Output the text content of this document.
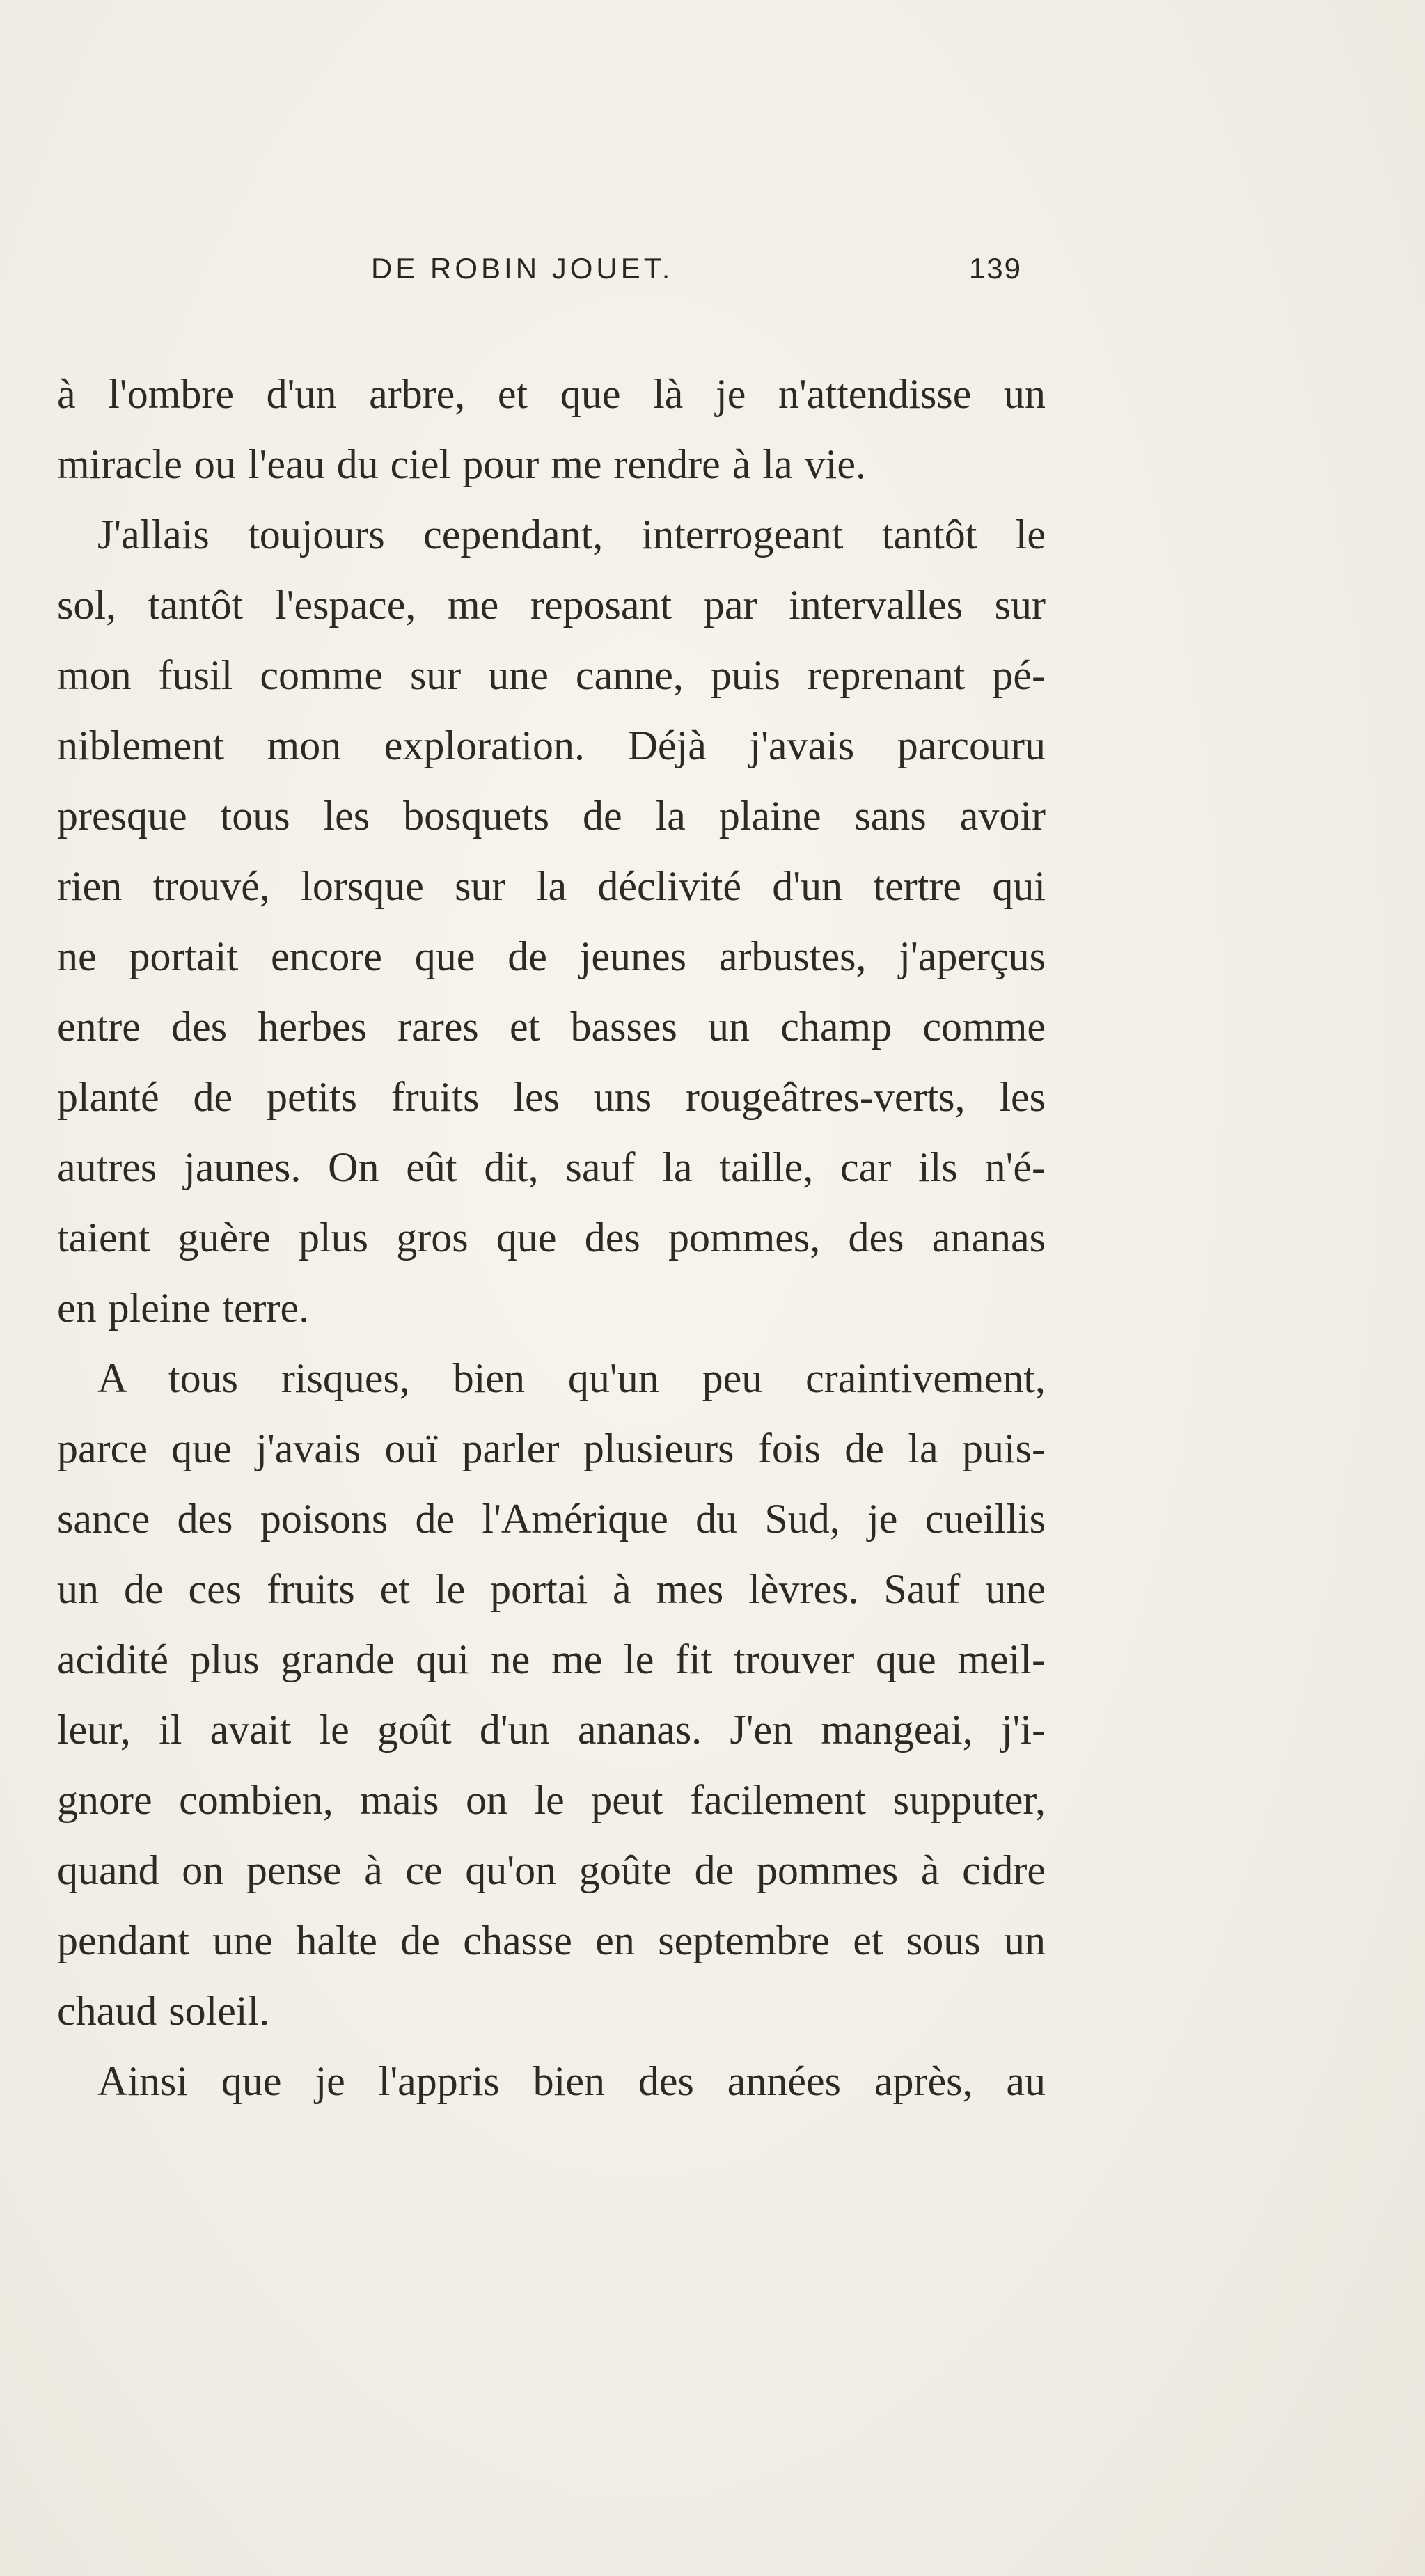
DE ROBIN JOUET.	139
à l'ombre d'un arbre, et que là je n'attendisse un
miracle ou l'eau du ciel pour me rendre à la vie.
J'allais toujours cependant, interrogeant tantôt le
sol, tantôt l'espace, me reposant par intervalles sur
mon fusil comme sur une canne, puis reprenant pé-
niblement mon exploration. Déjà j'avais parcouru
presque tous les bosquets de la plaine sans avoir
rien trouvé, lorsque sur la déclivité d'un tertre qui
ne portait encore que de jeunes arbustes, j'aperçus
entre des herbes rares et basses un champ comme
planté de petits fruits les uns rougeâtres-verts, les
autres jaunes. On eût dit, sauf la taille, car ils n'é-
taient guère plus gros que des pommes, des ananas
en pleine terre.
A tous risques, bien qu'un peu craintivement,
parce que j'avais ouï parler plusieurs fois de la puis-
sance des poisons de l'Amérique du Sud, je cueillis
un de ces fruits et le portai à mes lèvres. Sauf une
acidité plus grande qui ne me le fit trouver que meil-
leur, il avait le goût d'un ananas. J'en mangeai, j'i-
gnore combien, mais on le peut facilement supputer,
quand on pense à ce qu'on goûte de pommes à cidre
pendant une halte de chasse en septembre et sous un
chaud soleil.
Ainsi que je l'appris bien des années après, au
